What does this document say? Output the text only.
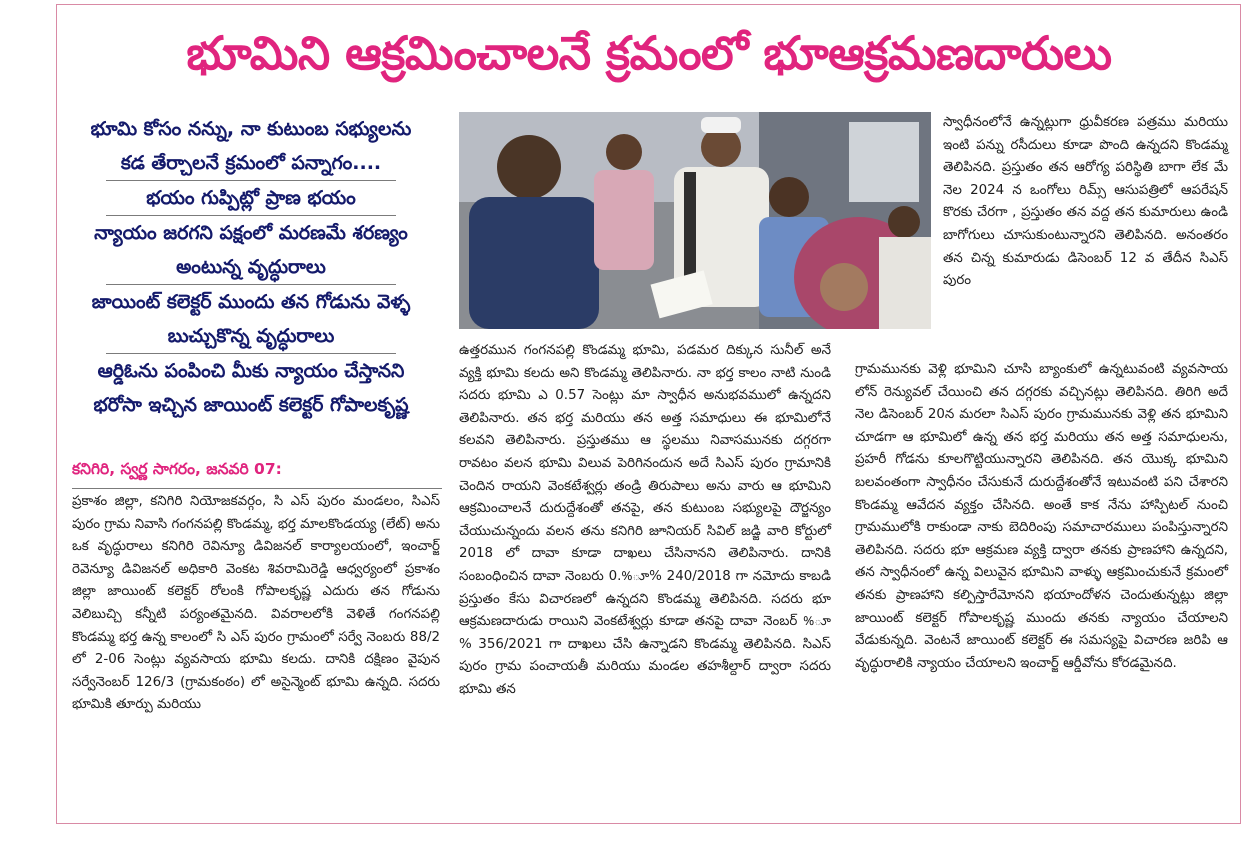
భూమిని ఆక్రమించాలనే క్రమంలో భూఆక్రమణదారులు

భూమి కోసం నన్ను, నా కుటుంబ సభ్యులను

కడ తేర్చాలనే క్రమంలో పన్నాగం....

భయం గుప్పిట్లో ప్రాణ భయం

న్యాయం జరగని పక్షంలో మరణమే శరణ్యం

అంటున్న వృద్ధురాలు

జాయింట్ కలెక్టర్ ముందు తన గోడును వెళ్ళ

బుచ్చుకొన్న వృద్ధురాలు

ఆర్డిఓను పంపించి మీకు న్యాయం చేస్తానని

భరోసా ఇచ్చిన జాయింట్ కలెక్టర్ గోపాలకృష్ణ

కనిగిరి, స్వర్ణ సాగరం, జనవరి 07:
ప్రకాశం జిల్లా, కనిగిరి నియోజకవర్గం, సి ఎస్ పురం మండలం, సిఎస్ పురం గ్రామ నివాసి గంగనపల్లి కొండమ్మ, భర్త మాలకొండయ్య (లేట్) అను ఒక వృద్ధురాలు కనిగిరి రెవిన్యూ డివిజనల్ కార్యాలయంలో, ఇంచార్జ్ రెవెన్యూ డివిజనల్ అధికారి వెంకట శివరామిరెడ్డి ఆధ్వర్యంలో ప్రకాశం జిల్లా జాయింట్ కలెక్టర్ రోలంకి గోపాలకృష్ణ ఎదురు తన గోడును వెలిబుచ్చి కన్నీటి పర్యంతమైనది. వివరాలలోకి వెళితే గంగనపల్లి కొండమ్మ భర్త ఉన్న కాలంలో సి ఎస్ పురం గ్రామంలో సర్వే నెంబరు 88/2 లో 2-06 సెంట్లు వ్యవసాయ భూమి కలదు. దానికి దక్షిణం వైపున సర్వేనెంబర్ 126/3 (గ్రామకంఠం) లో అసైన్మెంట్ భూమి ఉన్నది. సదరు భూమికి తూర్పు మరియు
ఉత్తరమున గంగనపల్లి కొండమ్మ భూమి, పడమర దిక్కున సునీల్ అనే వ్యక్తి భూమి కలదు అని కొండమ్మ తెలిపినారు. నా భర్త కాలం నాటి నుండి సదరు భూమి ఎ 0.57 సెంట్లు మా స్వాధీన అనుభవములో ఉన్నదని తెలిపినారు. తన భర్త మరియు తన అత్త సమాధులు ఈ భూమిలోనే కలవని తెలిపినారు. ప్రస్తుతము ఆ స్థలము నివాసమునకు దగ్గరగా రావటం వలన భూమి విలువ పెరిగినందున అదే సిఎస్ పురం గ్రామానికి చెందిన రాయని వెంకటేశ్వర్లు తండ్రి తిరుపాలు అను వారు ఆ భూమిని ఆక్రమించాలనే దురుద్దేశంతో తనపై, తన కుటుంబ సభ్యులపై దౌర్జన్యం చేయుచున్నందు వలన తను కనిగిరి జూనియర్ సివిల్ జడ్జి వారి కోర్టులో 2018 లో దావా కూడా దాఖలు చేసినానని తెలిపినారు. దానికి సంబంధించిన దావా నెంబరు 0.%ూ% 240/2018 గా నమోదు కాబడి ప్రస్తుతం కేసు విచారణలో ఉన్నదని కొండమ్మ తెలిపినది. సదరు భూ ఆక్రమణదారుడు రాయిని వెంకటేశ్వర్లు కూడా తనపై దావా నెంబర్ %ూ% 356/2021 గా దాఖలు చేసి ఉన్నాడని కొండమ్మ తెలిపినది. సిఎస్ పురం గ్రామ పంచాయతీ మరియు మండల తహశీల్దార్ ద్వారా సదరు భూమి తన
స్వాధీనంలోనే ఉన్నట్లుగా ధ్రువీకరణ పత్రము మరియు ఇంటి పన్ను రసీదులు కూడా పొంది ఉన్నదని కొండమ్మ తెలిపినది. ప్రస్తుతం తన ఆరోగ్య పరిస్థితి బాగా లేక మే నెల 2024 న ఒంగోలు రిమ్స్ ఆసుపత్రిలో ఆపరేషన్ కొరకు చేరగా , ప్రస్తుతం తన వద్ద తన కుమారులు ఉండి బాగోగులు చూసుకుంటున్నారని తెలిపినది. అనంతరం తన చిన్న కుమారుడు డిసెంబర్ 12 వ తేదీన సిఎస్ పురం
గ్రామమునకు వెళ్లి భూమిని చూసి బ్యాంకులో ఉన్నటువంటి వ్యవసాయ లోన్ రెన్యువల్ చేయించి తన దగ్గరకు వచ్చినట్లు తెలిపినది. తిరిగి అదే నెల డిసెంబర్ 20న మరలా సిఎస్ పురం గ్రామమునకు వెళ్లి తన భూమిని చూడగా ఆ భూమిలో ఉన్న తన భర్త మరియు తన అత్త సమాధులను, ప్రహరీ గోడను కూలగొట్టియున్నారని తెలిపినది. తన యొక్క భూమిని బలవంతంగా స్వాధీనం చేసుకునే దురుద్దేశంతోనే ఇటువంటి పని చేశారని కొండమ్మ ఆవేదన వ్యక్తం చేసినది. అంతే కాక నేను హాస్పిటల్ నుంచి గ్రామములోకి రాకుండా నాకు బెదిరింపు సమాచారములు పంపిస్తున్నారని తెలిపినది. సదరు భూ ఆక్రమణ వ్యక్తి ద్వారా తనకు ప్రాణహాని ఉన్నదని, తన స్వాధీనంలో ఉన్న విలువైన భూమిని వాళ్ళు ఆక్రమించుకునే క్రమంలో తనకు ప్రాణహాని కల్పిస్తారేమోనని భయాందోళన చెందుతున్నట్లు జిల్లా జాయింట్ కలెక్టర్ గోపాలకృష్ణ ముందు తనకు న్యాయం చేయాలని వేడుకున్నది. వెంటనే జాయింట్ కలెక్టర్ ఈ సమస్యపై విచారణ జరిపి ఆ వృద్ధురాలికి న్యాయం చేయాలని ఇంచార్జ్ ఆర్డీవోను కోరడమైనది.
